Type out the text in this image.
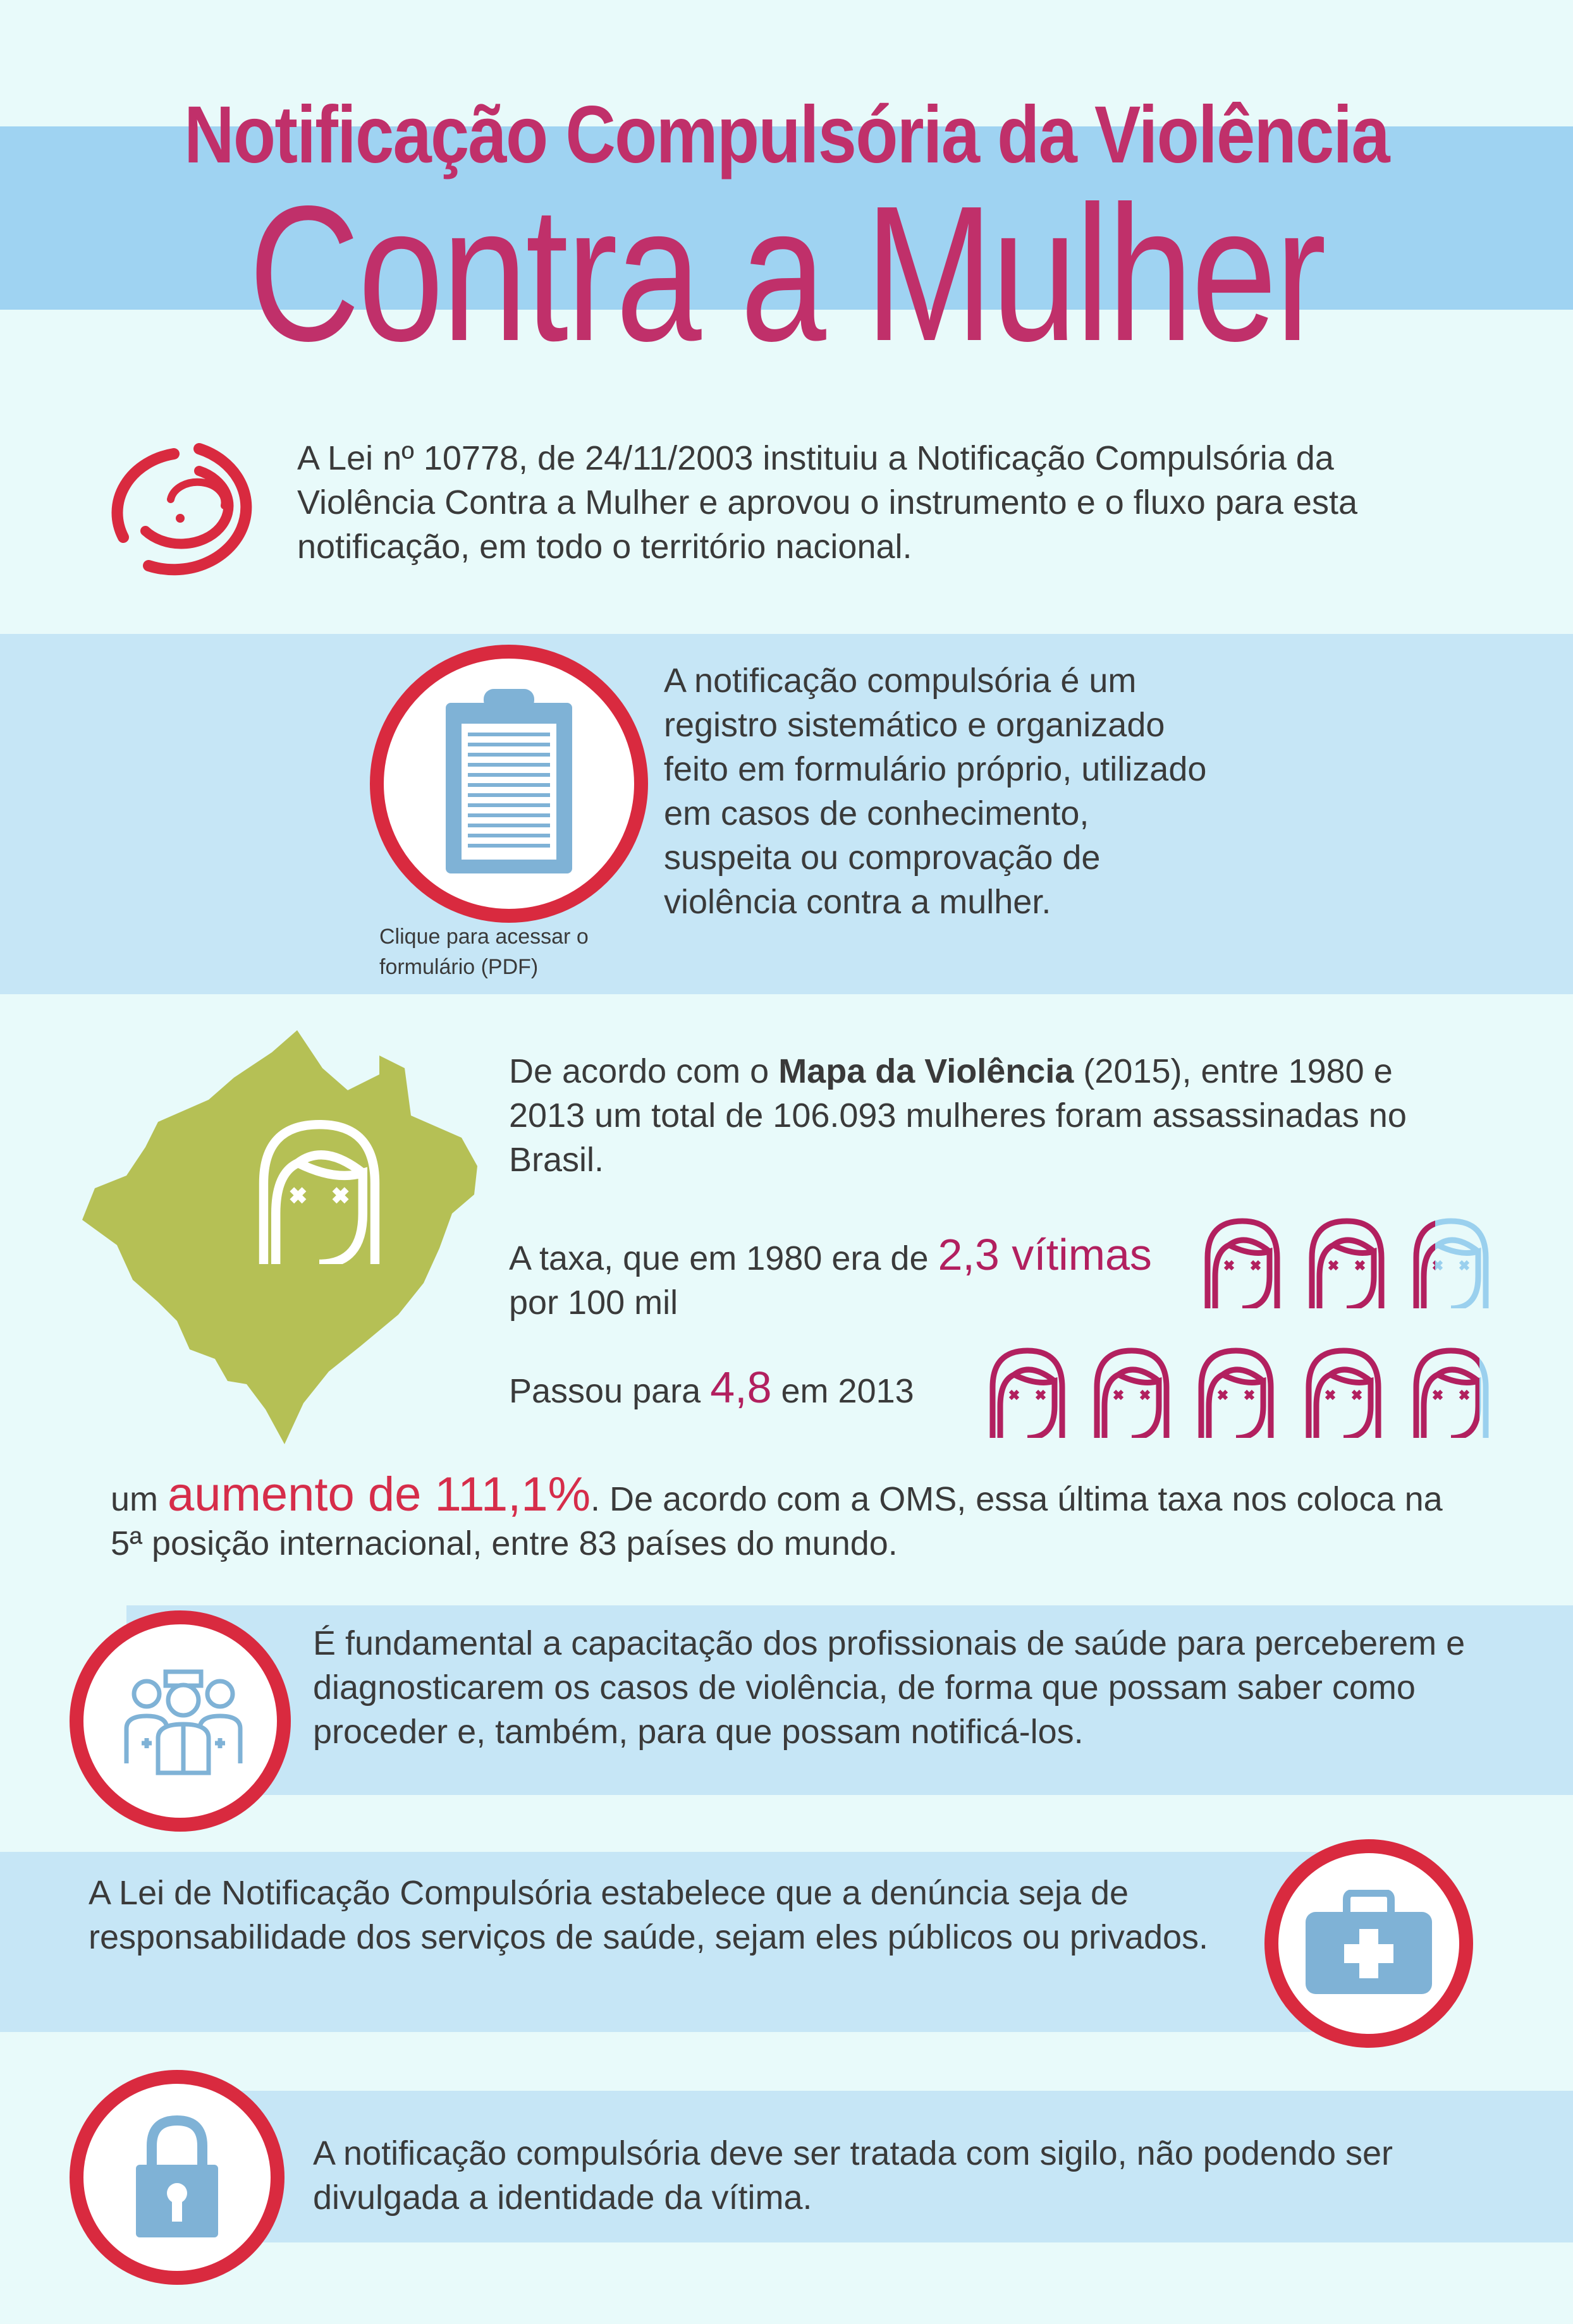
Notificação Compulsória da Violência
Contra a Mulher
A Lei nº 10778, de 24/11/2003 instituiu a Notificação Compulsória da Violência Contra a Mulher e aprovou o instrumento e o fluxo para esta notificação, em todo o território nacional.
Clique para acessar o formulário (PDF)
A notificação compulsória é um registro sistemático e organizado feito em formulário próprio, utilizado em casos de conhecimento, suspeita ou comprovação de violência contra a mulher.
De acordo com o Mapa da Violência (2015), entre 1980 e 2013 um total de 106.093 mulheres foram assassinadas no Brasil.
A taxa, que em 1980 era de 2,3 vítimas
por 100 mil
Passou para 4,8 em 2013
um aumento de 111,1%. De acordo com a OMS, essa última taxa nos coloca na 5ª posição internacional, entre 83 países do mundo.
É fundamental a capacitação dos profissionais de saúde para perceberem e diagnosticarem os casos de violência, de forma que possam saber como proceder e, também, para que possam notificá-los.
A Lei de Notificação Compulsória estabelece que a denúncia seja de responsabilidade dos serviços de saúde, sejam eles públicos ou privados.
A notificação compulsória deve ser tratada com sigilo, não podendo ser divulgada a identidade da vítima.
